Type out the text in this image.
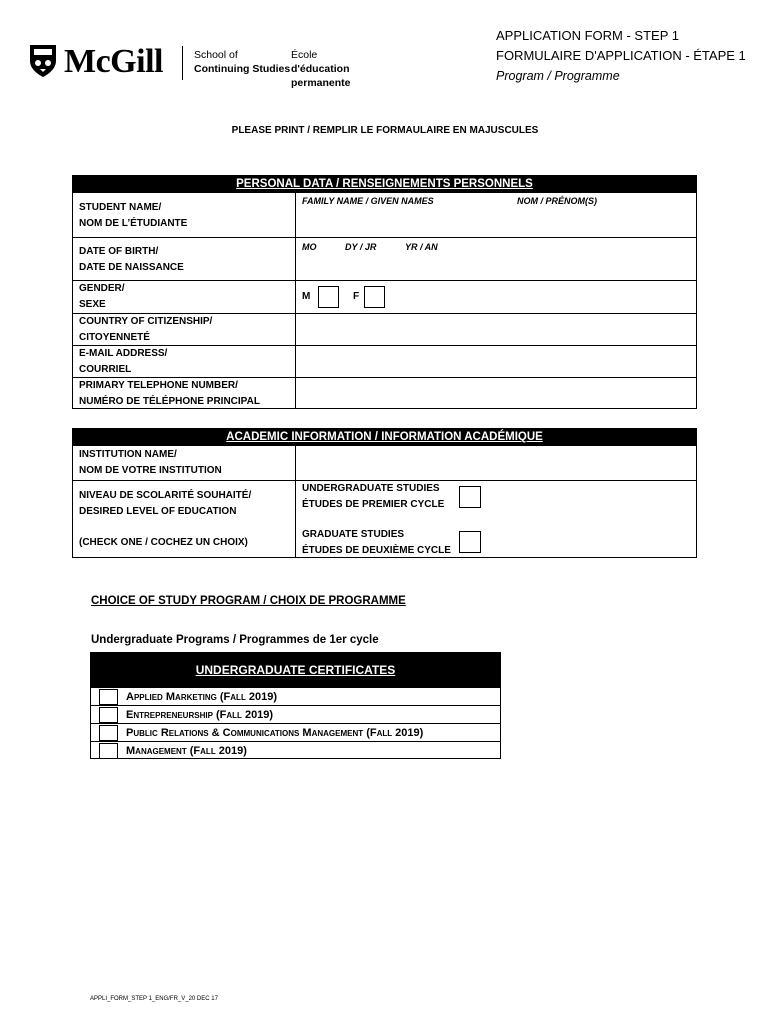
McGill	School of
Continuing Studies
École
d'éducation permanente
APPLICATION FORM - STEP 1
FORMULAIRE D'APPLICATION - ÉTAPE 1
Program / Programme
PLEASE PRINT / REMPLIR LE FORMAULAIRE EN MAJUSCULES
PERSONAL DATA / RENSEIGNEMENTS PERSONNELS
STUDENT NAME/
NOM DE L’ÉTUDIANTE
FAMILY NAME / GIVEN NAMES	NOM / PRÉNOM(S)
DATE OF BIRTH/
DATE DE NAISSANCE
MO	DY / JR	YR / AN
GENDER/
SEXE
M	F
COUNTRY OF CITIZENSHIP/
CITOYENNETÉ
E-MAIL ADDRESS/
COURRIEL
PRIMARY TELEPHONE NUMBER/
NUMÉRO DE TÉLÉPHONE PRINCIPAL
ACADEMIC INFORMATION / INFORMATION ACADÉMIQUE
INSTITUTION NAME/
NOM DE VOTRE INSTITUTION
NIVEAU DE SCOLARITÉ SOUHAITÉ/
DESIRED LEVEL OF EDUCATION
(CHECK ONE / COCHEZ UN CHOIX)
UNDERGRADUATE STUDIES
ÉTUDES DE PREMIER CYCLE
GRADUATE STUDIES
ÉTUDES DE DEUXIÈME CYCLE
CHOICE OF STUDY PROGRAM / CHOIX DE PROGRAMME
Undergraduate Programs / Programmes de 1er cycle
UNDERGRADUATE CERTIFICATES
Applied Marketing (Fall 2019)
Entrepreneurship (Fall 2019)
Public Relations & Communications Management (Fall 2019)
Management (Fall 2019)
APPLI_FORM_STEP 1_ENG/FR_V_20 DEC 17
